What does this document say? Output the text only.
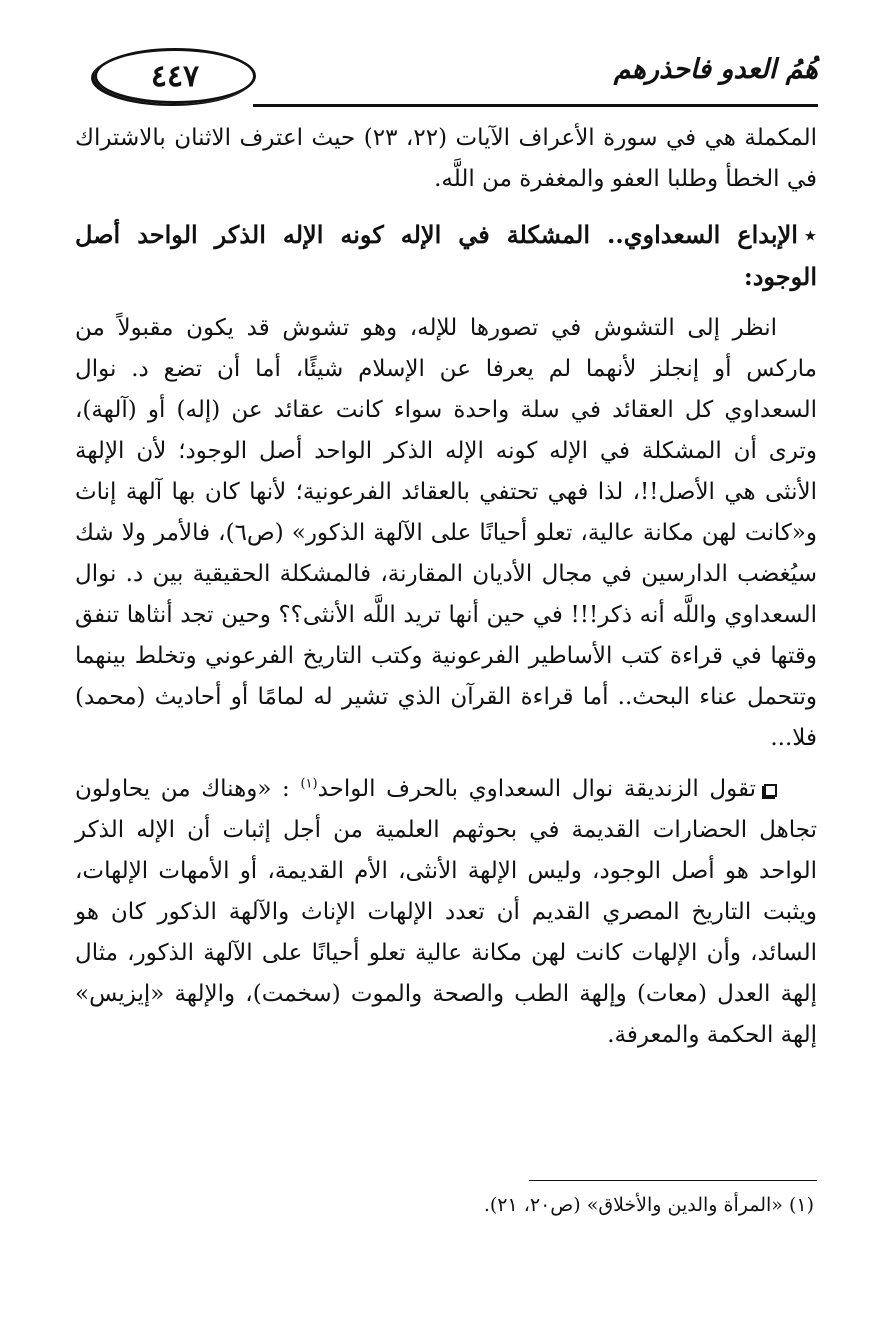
٤٤٧	هُمُ العدو فاحذرهم

المكملة هي في سورة الأعراف الآيات (٢٢، ٢٣) حيث اعترف الاثنان بالاشتراك في الخطأ وطلبا العفو والمغفرة من اللَّه.

٭الإبداع السعداوي.. المشكلة في الإله كونه الإله الذكر الواحد أصل الوجود:

انظر إلى التشوش في تصورها للإله، وهو تشوش قد يكون مقبولاً من ماركس أو إنجلز لأنهما لم يعرفا عن الإسلام شيئًا، أما أن تضع د. نوال السعداوي كل العقائد في سلة واحدة سواء كانت عقائد عن (إله) أو (آلهة)، وترى أن المشكلة في الإله كونه الإله الذكر الواحد أصل الوجود؛ لأن الإلهة الأنثى هي الأصل!!، لذا فهي تحتفي بالعقائد الفرعونية؛ لأنها كان بها آلهة إناث و«كانت لهن مكانة عالية، تعلو أحيانًا على الآلهة الذكور» (ص٦)، فالأمر ولا شك سيُغضب الدارسين في مجال الأديان المقارنة، فالمشكلة الحقيقية بين د. نوال السعداوي واللَّه أنه ذكر!!! في حين أنها تريد اللَّه الأنثى؟؟ وحين تجد أنثاها تنفق وقتها في قراءة كتب الأساطير الفرعونية وكتب التاريخ الفرعوني وتخلط بينهما وتتحمل عناء البحث.. أما قراءة القرآن الذي تشير له لمامًا أو أحاديث (محمد) فلا...

تقول الزنديقة نوال السعداوي بالحرف الواحد$^{(١)}$ : «وهناك من يحاولون تجاهل الحضارات القديمة في بحوثهم العلمية من أجل إثبات أن الإله الذكر الواحد هو أصل الوجود، وليس الإلهة الأنثى، الأم القديمة، أو الأمهات الإلهات، ويثبت التاريخ المصري القديم أن تعدد الإلهات الإناث والآلهة الذكور كان هو السائد، وأن الإلهات كانت لهن مكانة عالية تعلو أحيانًا على الآلهة الذكور، مثال إلهة العدل (معات) وإلهة الطب والصحة والموت (سخمت)، والإلهة «إيزيس» إلهة الحكمة والمعرفة.

(١) «المرأة والدين والأخلاق» (ص٢٠، ٢١).
